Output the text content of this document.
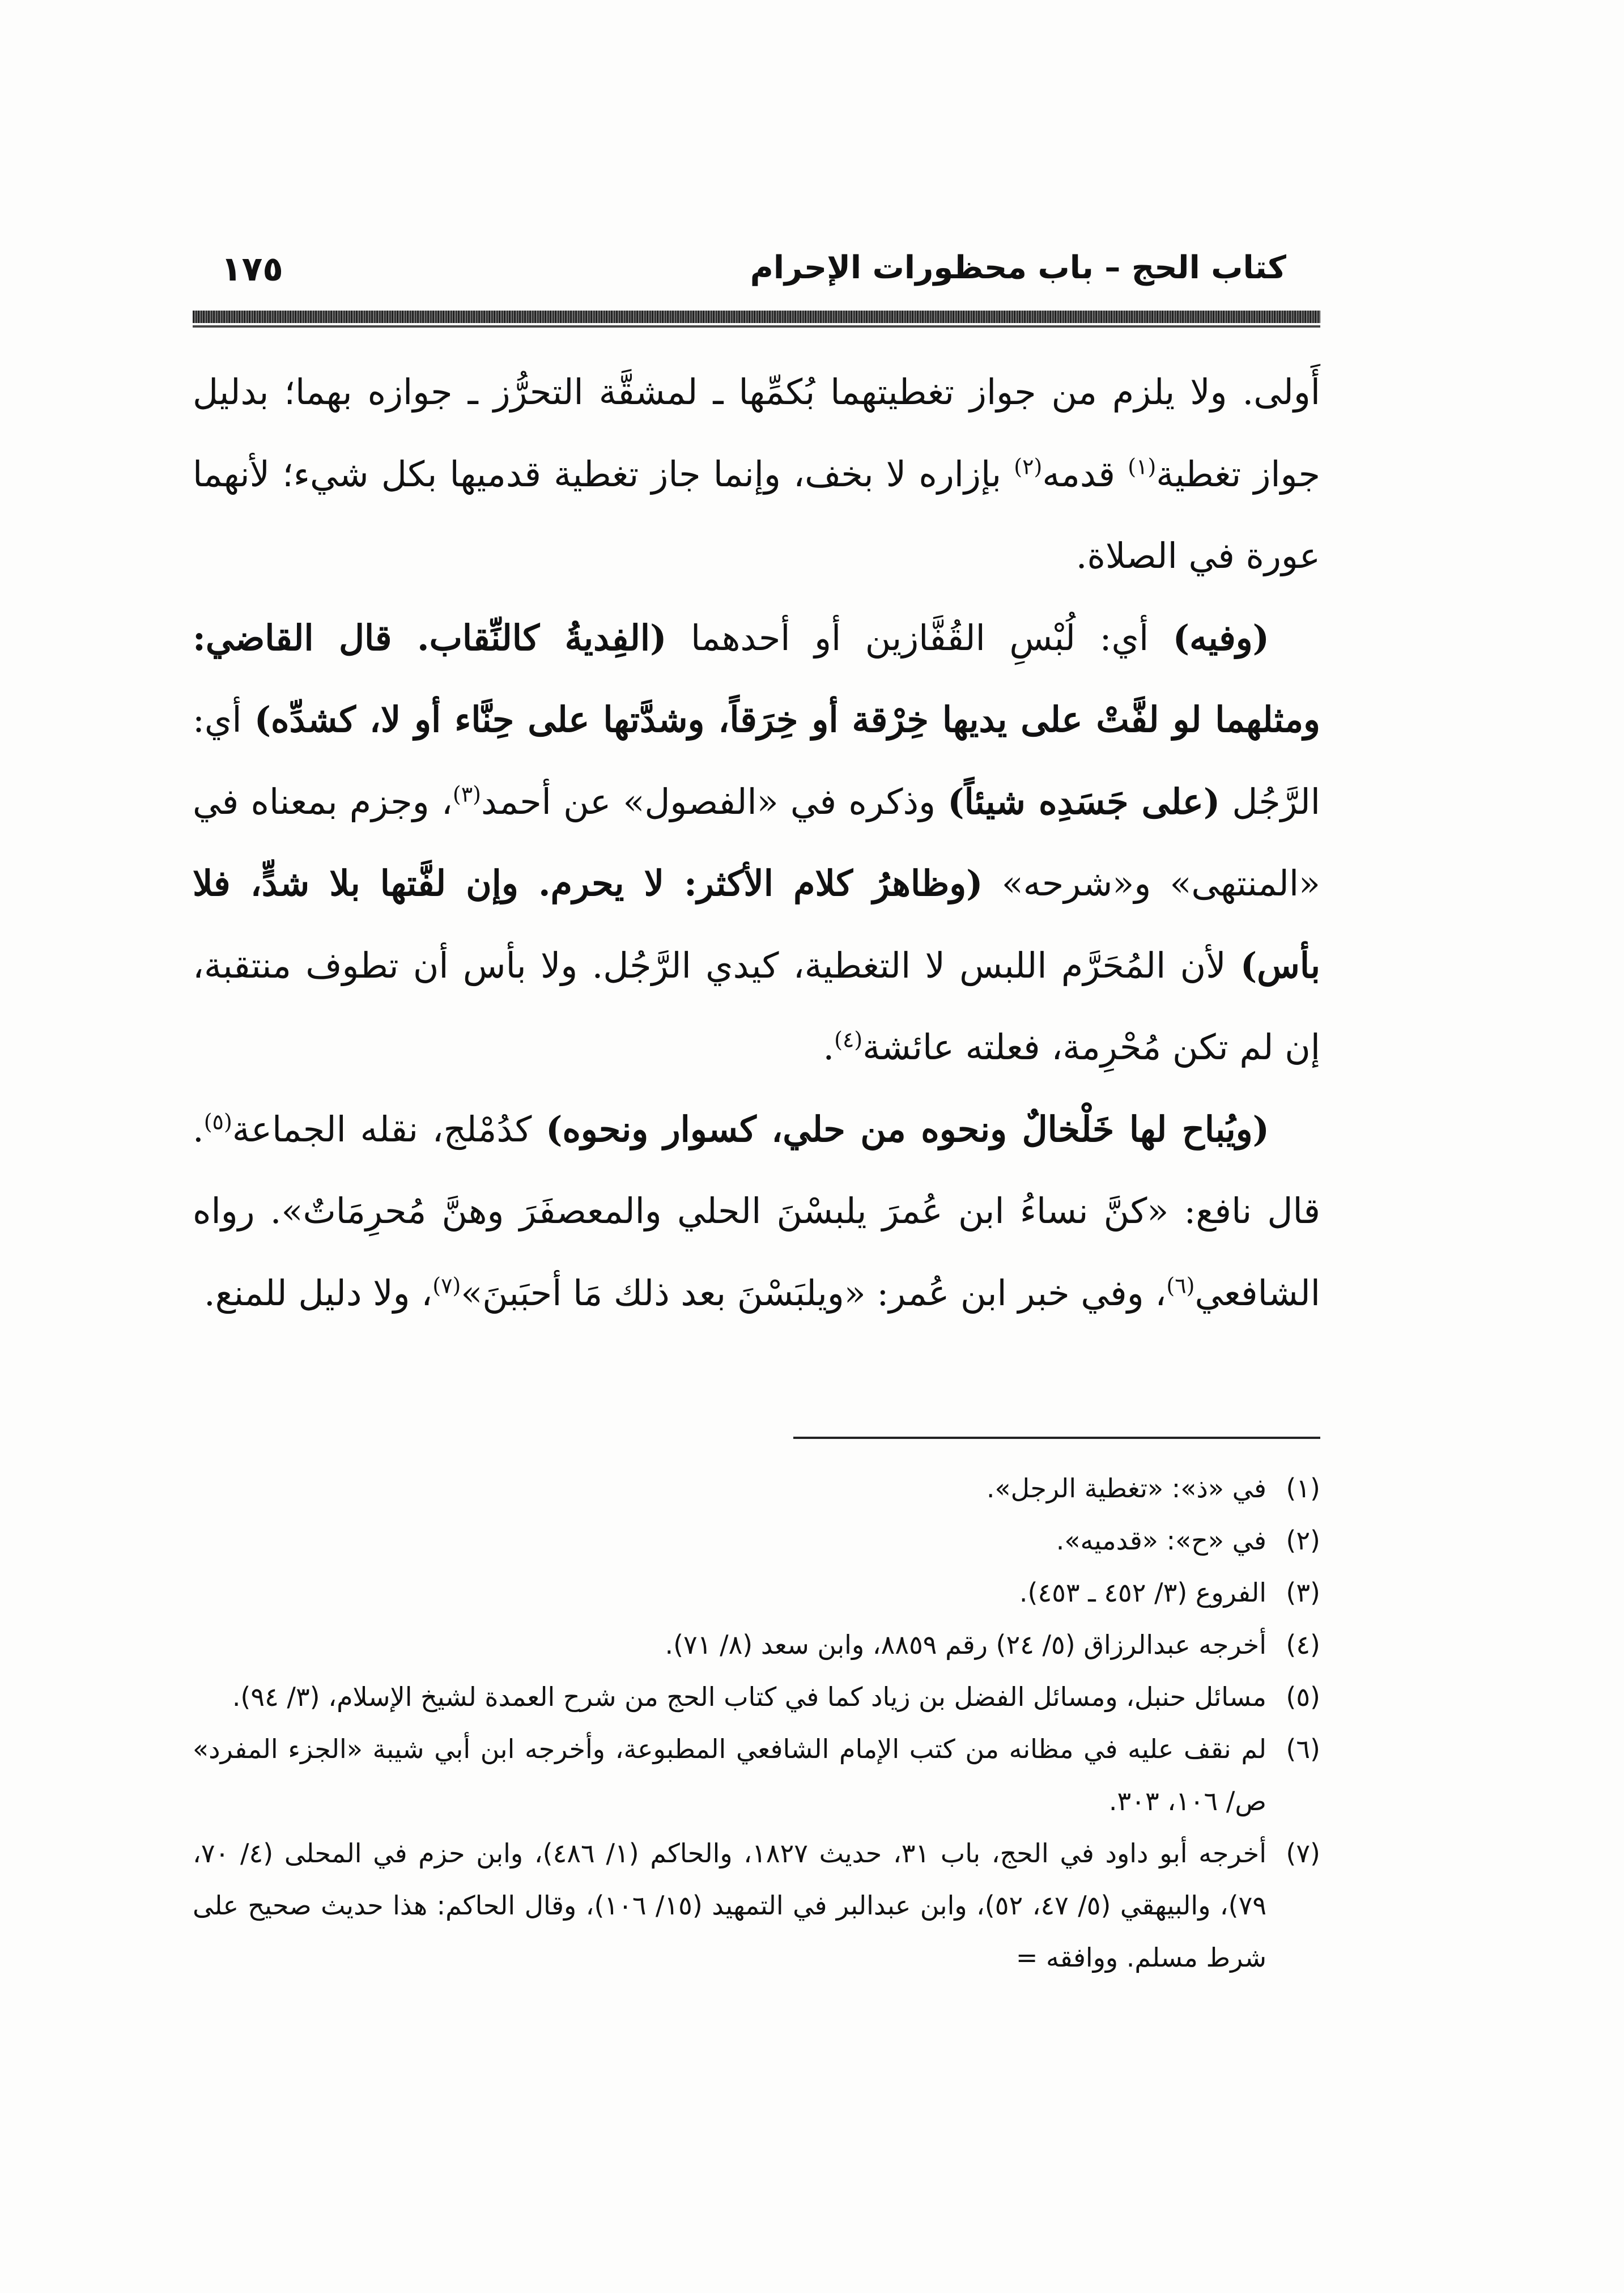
كتاب الحج – باب محظورات الإحرام
١٧٥

أَولى. ولا يلزم من جواز تغطيتهما بُكمِّها ـ لمشقَّة التحرُّز ـ جوازه بهما؛ بدليل جواز تغطية$^{(١)}$ قدمه$^{(٢)}$ بإزاره لا بخف، وإنما جاز تغطية قدميها بكل شيء؛ لأنهما عورة في الصلاة.

(وفيه) أي: لُبْسِ القُفَّازين أو أحدهما (الفِديةُ كالنِّقاب. قال القاضي: ومثلهما لو لفَّتْ على يديها خِرْقة أو خِرَقاً، وشدَّتها على حِنَّاء أو لا، كشدِّه) أي: الرَّجُل (على جَسَدِه شيئاً) وذكره في «الفصول» عن أحمد$^{(٣)}$، وجزم بمعناه في «المنتهى» و«شرحه» (وظاهرُ كلام الأكثر: لا يحرم. وإن لفَّتها بلا شدٍّ، فلا بأس) لأن المُحَرَّم اللبس لا التغطية، كيدي الرَّجُل. ولا بأس أن تطوف منتقبة، إن لم تكن مُحْرِمة، فعلته عائشة$^{(٤)}$.

(ويُباح لها خَلْخالٌ ونحوه من حلي، كسوار ونحوه) كدُمْلج، نقله الجماعة$^{(٥)}$. قال نافع: «كنَّ نساءُ ابن عُمرَ يلبسْنَ الحلي والمعصفَرَ وهنَّ مُحرِمَاتٌ». رواه الشافعي$^{(٦)}$، وفي خبر ابن عُمر: «ويلبَسْنَ بعد ذلك مَا أحبَبنَ»$^{(٧)}$، ولا دليل للمنع.

(١)
في «ذ»: «تغطية الرجل».

(٢)
في «ح»: «قدميه».

(٣)
الفروع (٣/ ٤٥٢ ـ ٤٥٣).

(٤)
أخرجه عبدالرزاق (٥/ ٢٤) رقم ٨٨٥٩، وابن سعد (٨/ ٧١).

(٥)
مسائل حنبل، ومسائل الفضل بن زياد كما في كتاب الحج من شرح العمدة لشيخ الإسلام، (٣/ ٩٤).

(٦)
لم نقف عليه في مظانه من كتب الإمام الشافعي المطبوعة، وأخرجه ابن أبي شيبة «الجزء المفرد» ص/ ١٠٦، ٣٠٣.

(٧)
أخرجه أبو داود في الحج، باب ٣١، حديث ١٨٢٧، والحاكم (١/ ٤٨٦)، وابن حزم في المحلى (٤/ ٧٠، ٧٩)، والبيهقي (٥/ ٤٧، ٥٢)، وابن عبدالبر في التمهيد (١٥/ ١٠٦)، وقال الحاكم: هذا حديث صحيح على شرط مسلم. ووافقه =
